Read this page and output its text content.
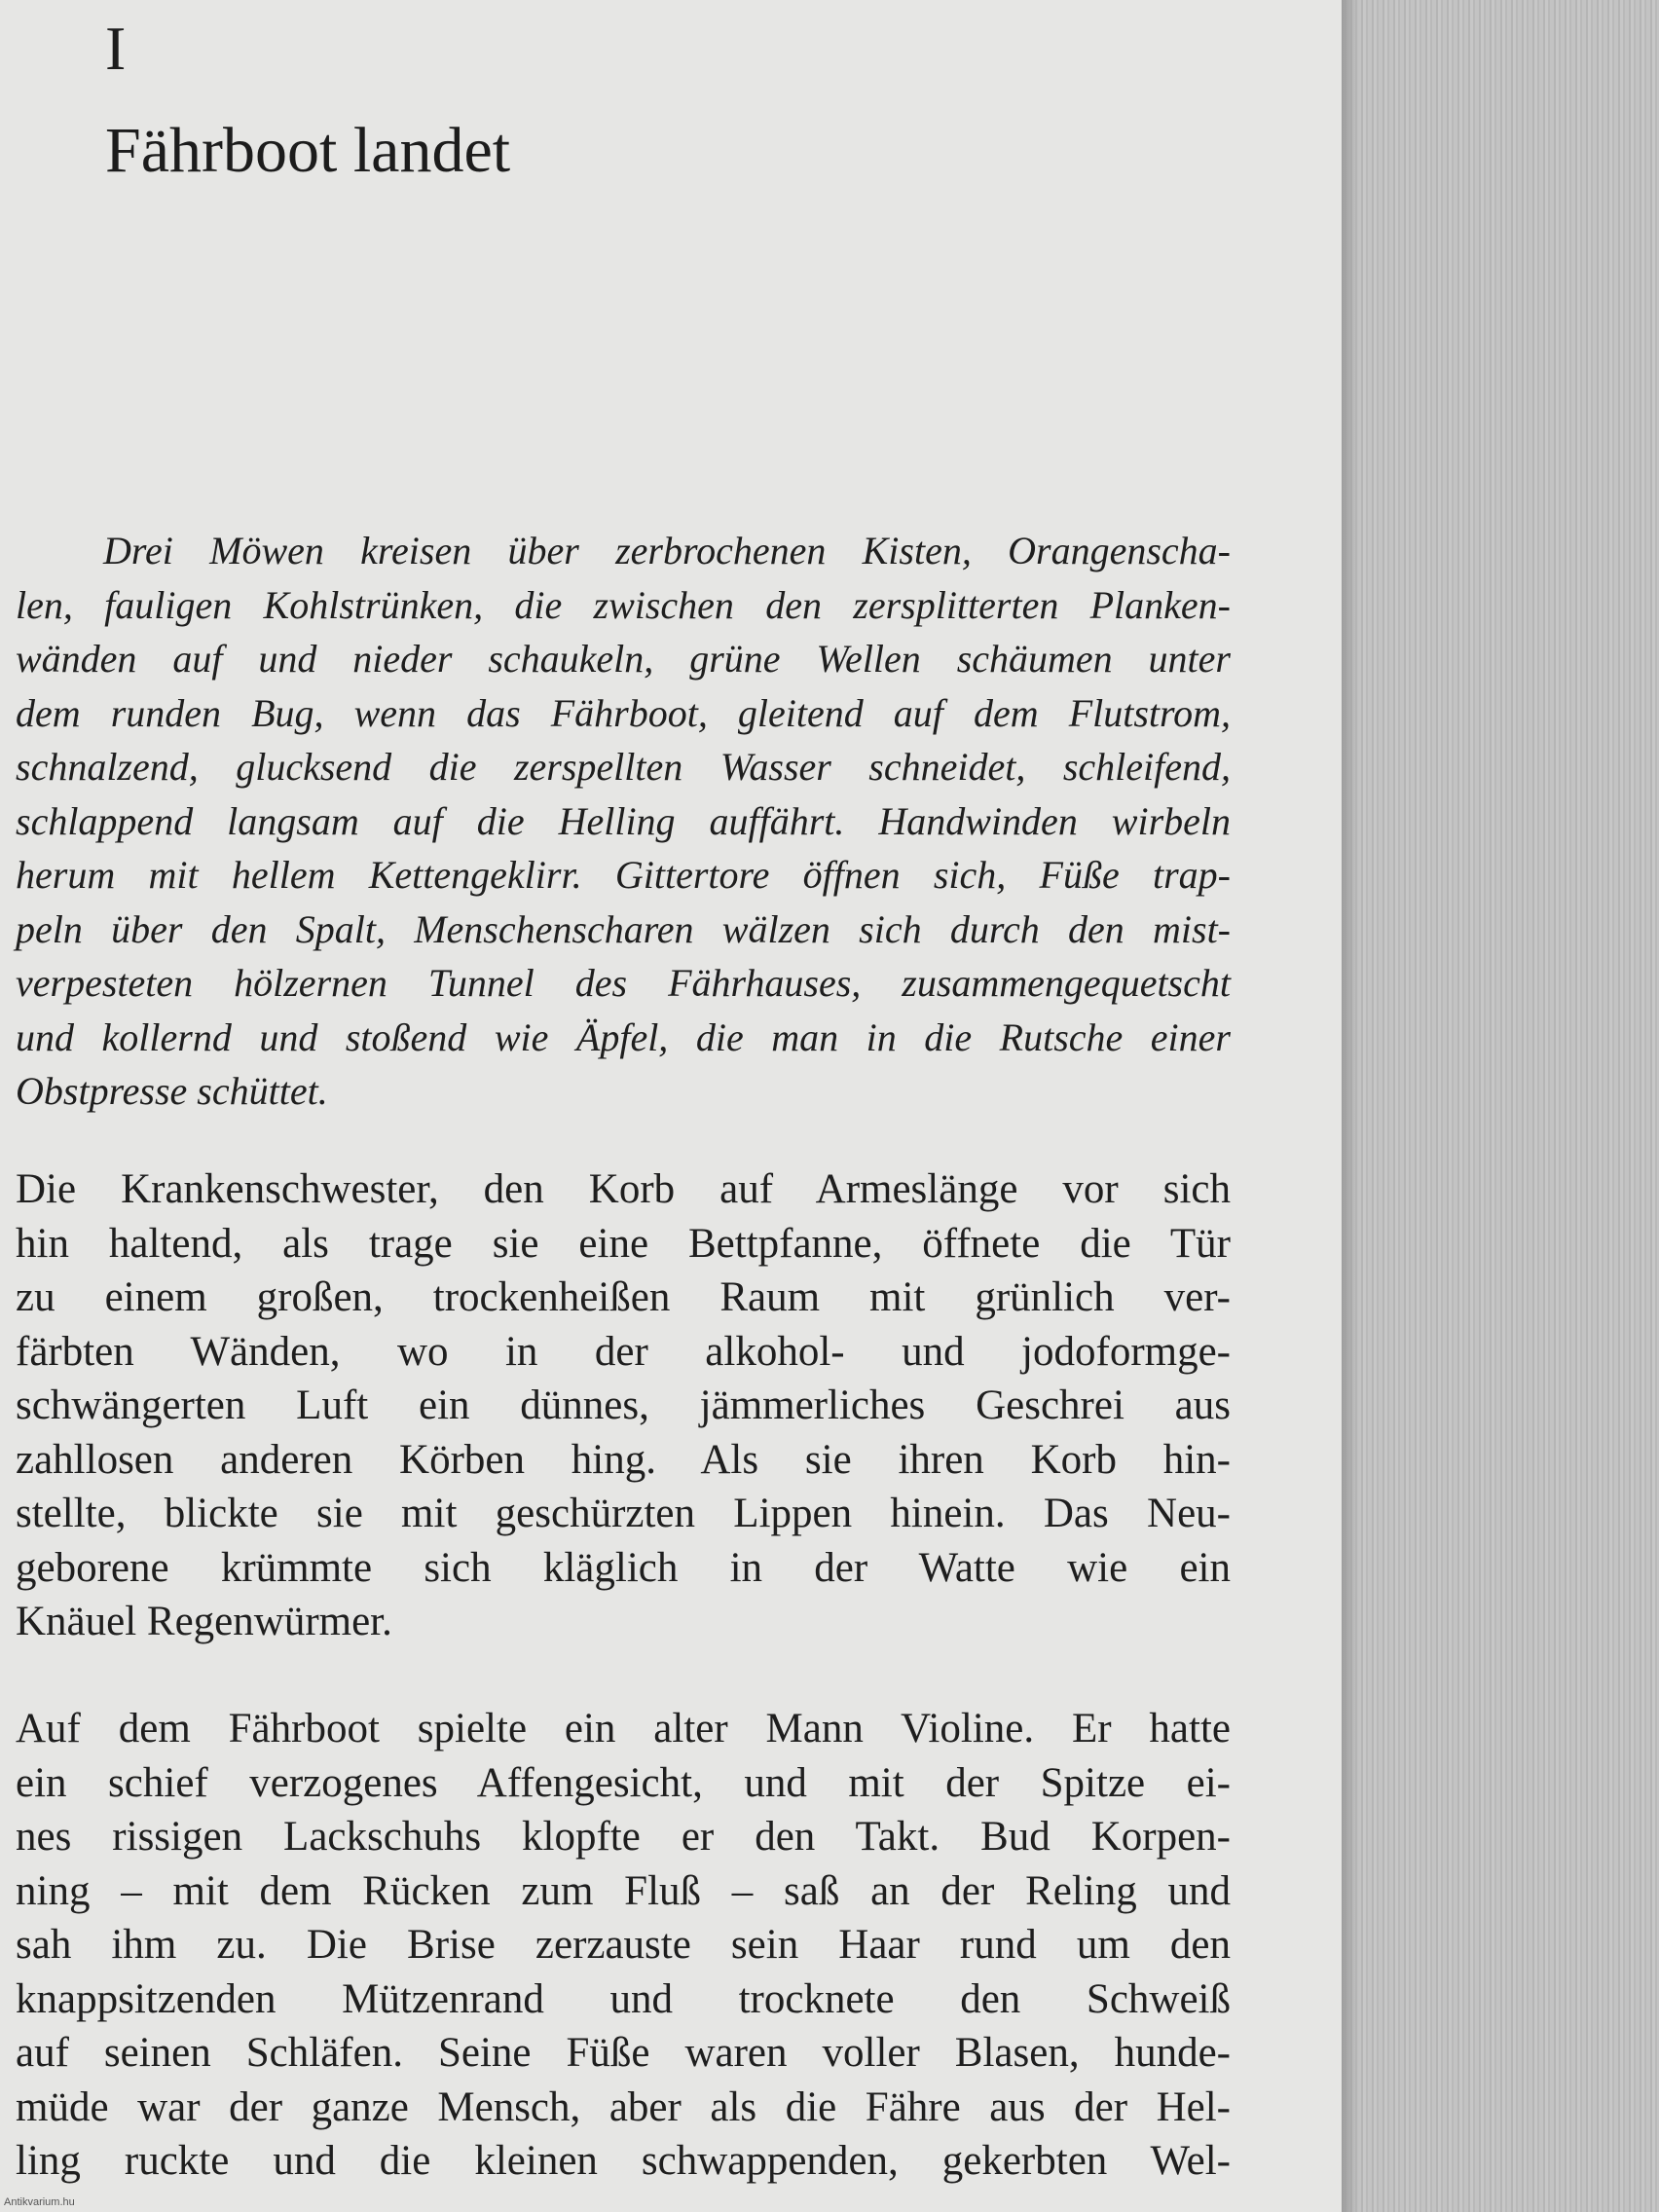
I
Fährboot landet

Drei Möwen kreisen über zerbrochenen Kisten, Orangenscha-
len, fauligen Kohlstrünken, die zwischen den zersplitterten Planken-
wänden auf und nieder schaukeln, grüne Wellen schäumen unter
dem runden Bug, wenn das Fährboot, gleitend auf dem Flutstrom,
schnalzend, glucksend die zerspellten Wasser schneidet, schleifend,
schlappend langsam auf die Helling auffährt. Handwinden wirbeln
herum mit hellem Kettengeklirr. Gittertore öffnen sich, Füße trap-
peln über den Spalt, Menschenscharen wälzen sich durch den mist-
verpesteten hölzernen Tunnel des Fährhauses, zusammengequetscht
und kollernd und stoßend wie Äpfel, die man in die Rutsche einer
Obstpresse schüttet.

Die Krankenschwester, den Korb auf Armeslänge vor sich
hin haltend, als trage sie eine Bettpfanne, öffnete die Tür
zu einem großen, trockenheißen Raum mit grünlich ver-
färbten Wänden, wo in der alkohol- und jodoformge-
schwängerten Luft ein dünnes, jämmerliches Geschrei aus
zahllosen anderen Körben hing. Als sie ihren Korb hin-
stellte, blickte sie mit geschürzten Lippen hinein. Das Neu-
geborene krümmte sich kläglich in der Watte wie ein
Knäuel Regenwürmer.

Auf dem Fährboot spielte ein alter Mann Violine. Er hatte
ein schief verzogenes Affengesicht, und mit der Spitze ei-
nes rissigen Lackschuhs klopfte er den Takt. Bud Korpen-
ning – mit dem Rücken zum Fluß – saß an der Reling und
sah ihm zu. Die Brise zerzauste sein Haar rund um den
knappsitzenden Mützenrand und trocknete den Schweiß
auf seinen Schläfen. Seine Füße waren voller Blasen, hunde-
müde war der ganze Mensch, aber als die Fähre aus der Hel-
ling ruckte und die kleinen schwappenden, gekerbten Wel-

Antikvarium.hu
